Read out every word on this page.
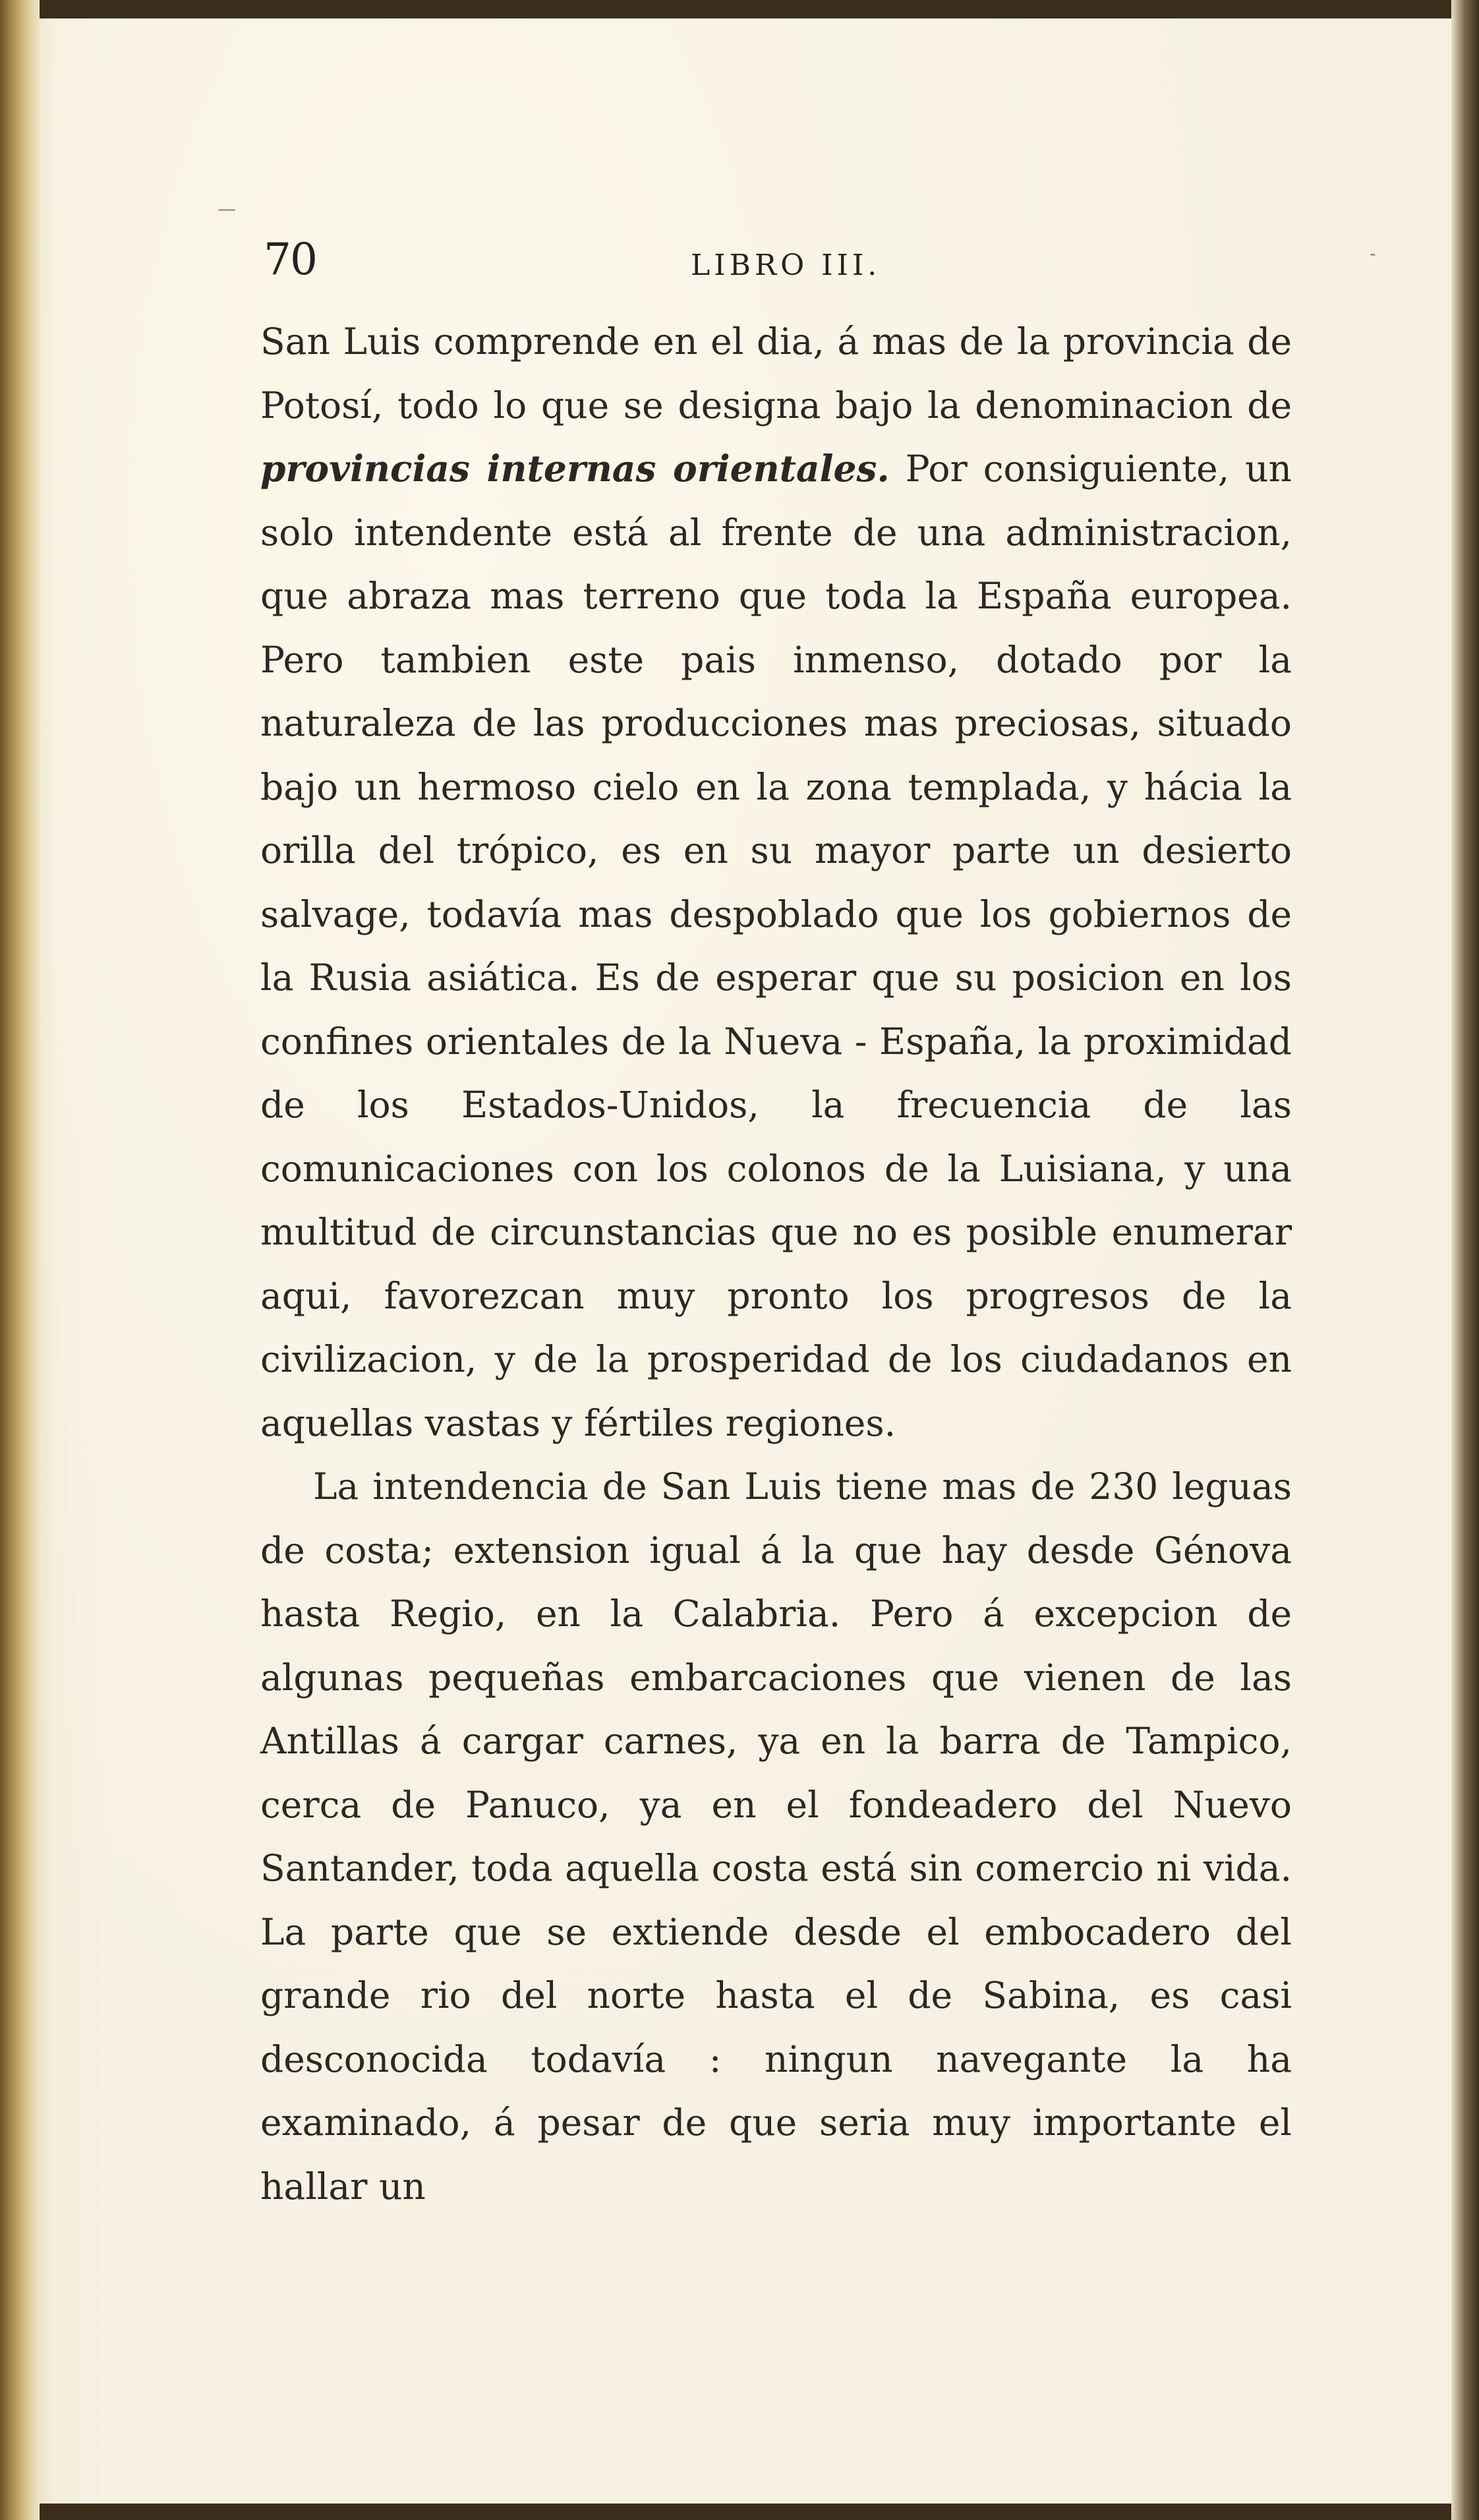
70	LIBRO III.

San Luis comprende en el dia, á mas de la provincia de Potosí, todo lo que se designa bajo la denominacion de provincias internas orientales. Por consiguiente, un solo intendente está al frente de una administracion, que abraza mas terreno que toda la España europea. Pero tambien este pais inmenso, dotado por la naturaleza de las producciones mas preciosas, situado bajo un hermoso cielo en la zona templada, y hácia la orilla del trópico, es en su mayor parte un desierto salvage, todavía mas despoblado que los gobiernos de la Rusia asiática. Es de esperar que su posicion en los confines orientales de la Nueva - España, la proximidad de los Estados-Unidos, la frecuencia de las comunicaciones con los colonos de la Luisiana, y una multitud de circunstancias que no es posible enumerar aqui, favorezcan muy pronto los progresos de la civilizacion, y de la prosperidad de los ciudadanos en aquellas vastas y fértiles regiones.

La intendencia de San Luis tiene mas de 230 leguas de costa; extension igual á la que hay desde Génova hasta Regio, en la Calabria. Pero á excepcion de algunas pequeñas embarcaciones que vienen de las Antillas á cargar carnes, ya en la barra de Tampico, cerca de Panuco, ya en el fondeadero del Nuevo Santander, toda aquella costa está sin comercio ni vida. La parte que se extiende desde el embocadero del grande rio del norte hasta el de Sabina, es casi desconocida todavía : ningun navegante la ha examinado, á pesar de que seria muy importante el hallar un

-
—
